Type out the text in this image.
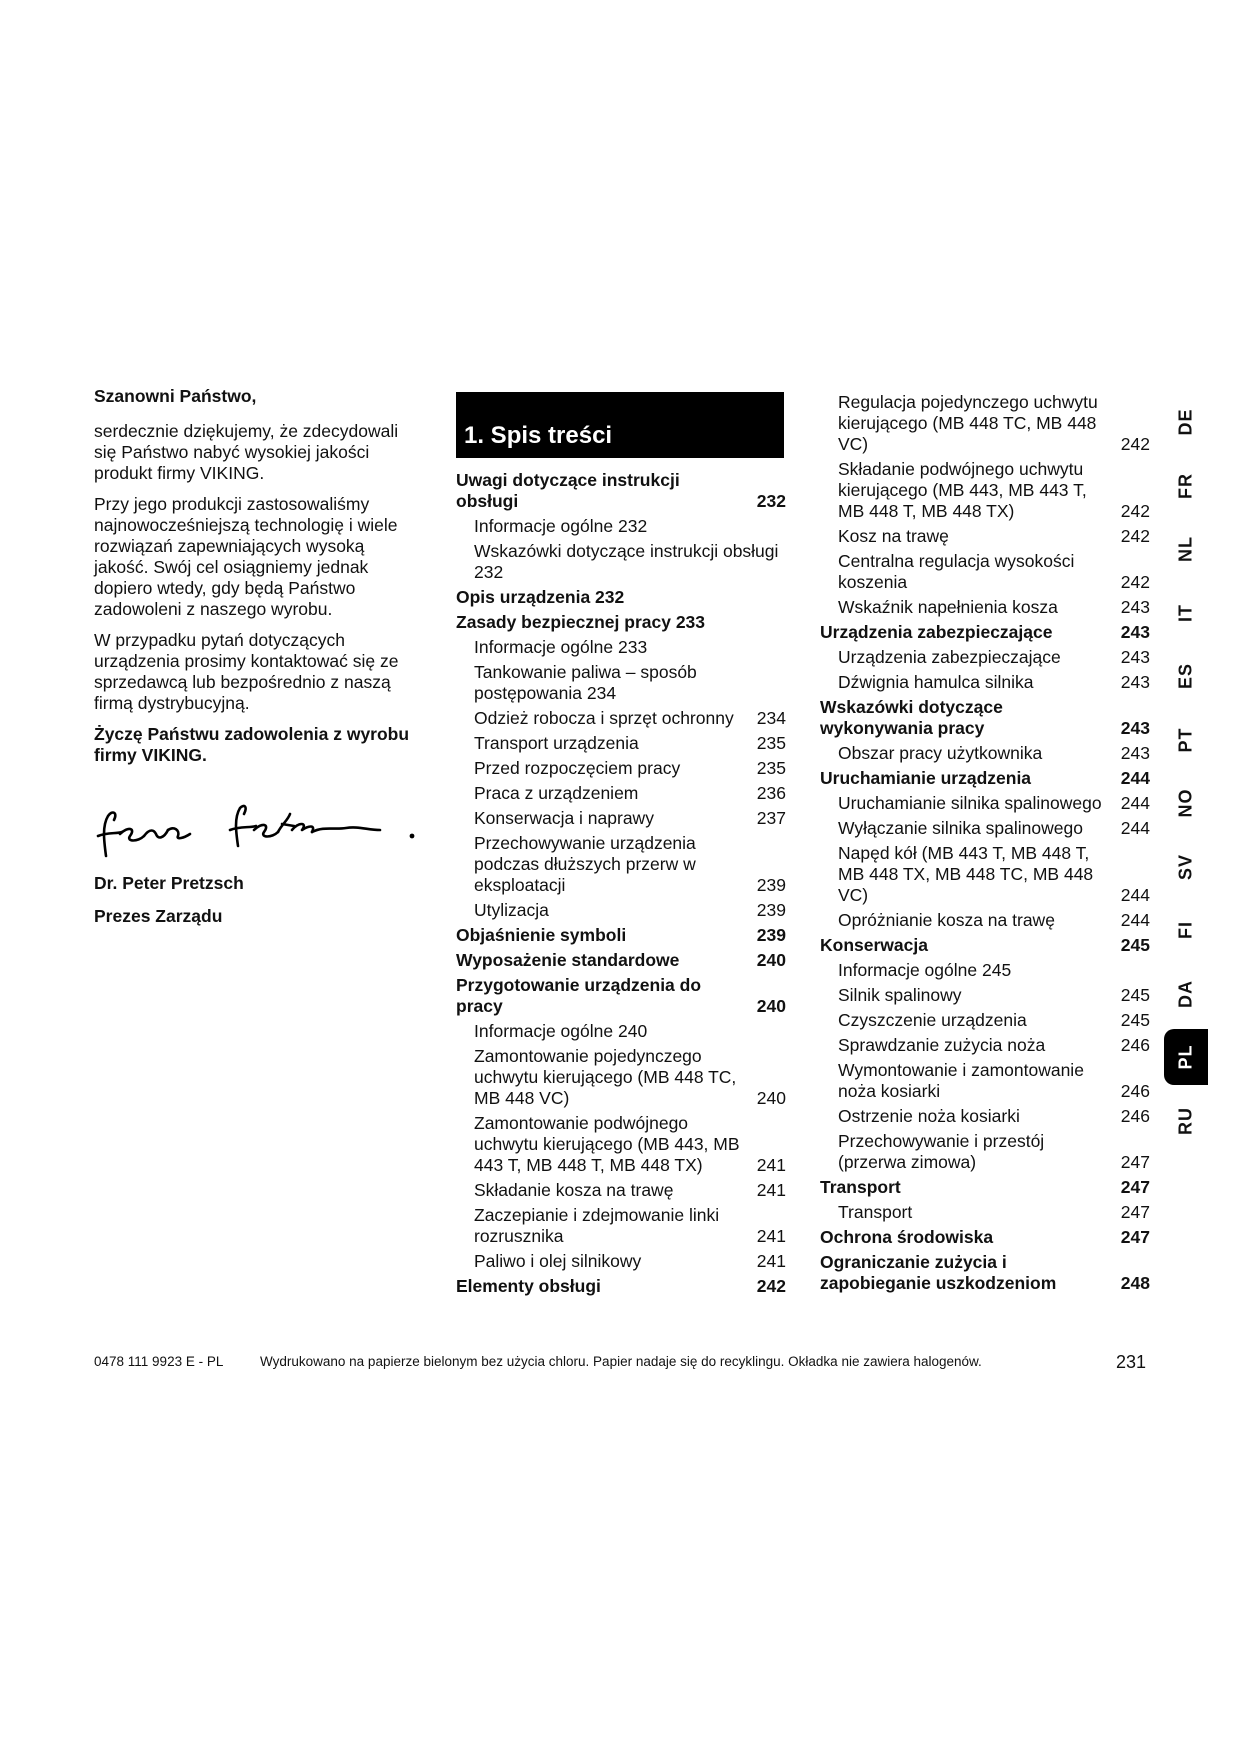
Szanowni Państwo,

serdecznie dziękujemy, że zdecydowali się Państwo nabyć wysokiej jakości produkt firmy VIKING.

Przy jego produkcji zastosowaliśmy najnowocześniejszą technologię i wiele rozwiązań zapewniających wysoką jakość. Swój cel osiągniemy jednak dopiero wtedy, gdy będą Państwo zadowoleni z naszego wyrobu.

W przypadku pytań dotyczących urządzenia prosimy kontaktować się ze sprzedawcą lub bezpośrednio z naszą firmą dystrybucyjną.

Życzę Państwu zadowolenia z wyrobu firmy VIKING.

Dr. Peter Pretzsch
Prezes Zarządu
1. Spis treści
Uwagi dotyczące instrukcji obsługi	232
Informacje ogólne 232
Wskazówki dotyczące instrukcji obsługi 232
Opis urządzenia 232
Zasady bezpiecznej pracy 233
Informacje ogólne 233
Tankowanie paliwa – sposób postępowania 234
Odzież robocza i sprzęt ochronny	234
Transport urządzenia	235
Przed rozpoczęciem pracy	235
Praca z urządzeniem	236
Konserwacja i naprawy	237
Przechowywanie urządzenia podczas dłuższych przerw w eksploatacji	239
Utylizacja	239
Objaśnienie symboli	239
Wyposażenie standardowe	240
Przygotowanie urządzenia do pracy	240
Informacje ogólne 240
Zamontowanie pojedynczego uchwytu kierującego (MB 448 TC, MB 448 VC)	240
Zamontowanie podwójnego uchwytu kierującego (MB 443, MB 443 T, MB 448 T, MB 448 TX)	241
Składanie kosza na trawę	241
Zaczepianie i zdejmowanie linki rozrusznika	241
Paliwo i olej silnikowy	241
Elementy obsługi	242
Regulacja pojedynczego uchwytu kierującego (MB 448 TC, MB 448 VC)	242
Składanie podwójnego uchwytu kierującego (MB 443, MB 443 T, MB 448 T, MB 448 TX)	242
Kosz na trawę	242
Centralna regulacja wysokości koszenia	242
Wskaźnik napełnienia kosza	243
Urządzenia zabezpieczające	243
Urządzenia zabezpieczające	243
Dźwignia hamulca silnika	243
Wskazówki dotyczące wykonywania pracy	243
Obszar pracy użytkownika	243
Uruchamianie urządzenia	244
Uruchamianie silnika spalinowego	244
Wyłączanie silnika spalinowego	244
Napęd kół (MB 443 T, MB 448 T, MB 448 TX, MB 448 TC, MB 448 VC)	244
Opróżnianie kosza na trawę	244
Konserwacja	245
Informacje ogólne 245
Silnik spalinowy	245
Czyszczenie urządzenia	245
Sprawdzanie zużycia noża	246
Wymontowanie i zamontowanie noża kosiarki	246
Ostrzenie noża kosiarki	246
Przechowywanie i przestój (przerwa zimowa)	247
Transport	247
Transport	247
Ochrona środowiska	247
Ograniczanie zużycia i zapobieganie uszkodzeniom	248
DE
FR
NL
IT
ES
PT
NO
SV
FI
DA
PL
RU
0478 111 9923 E - PL	Wydrukowano na papierze bielonym bez użycia chloru. Papier nadaje się do recyklingu. Okładka nie zawiera halogenów.	231
